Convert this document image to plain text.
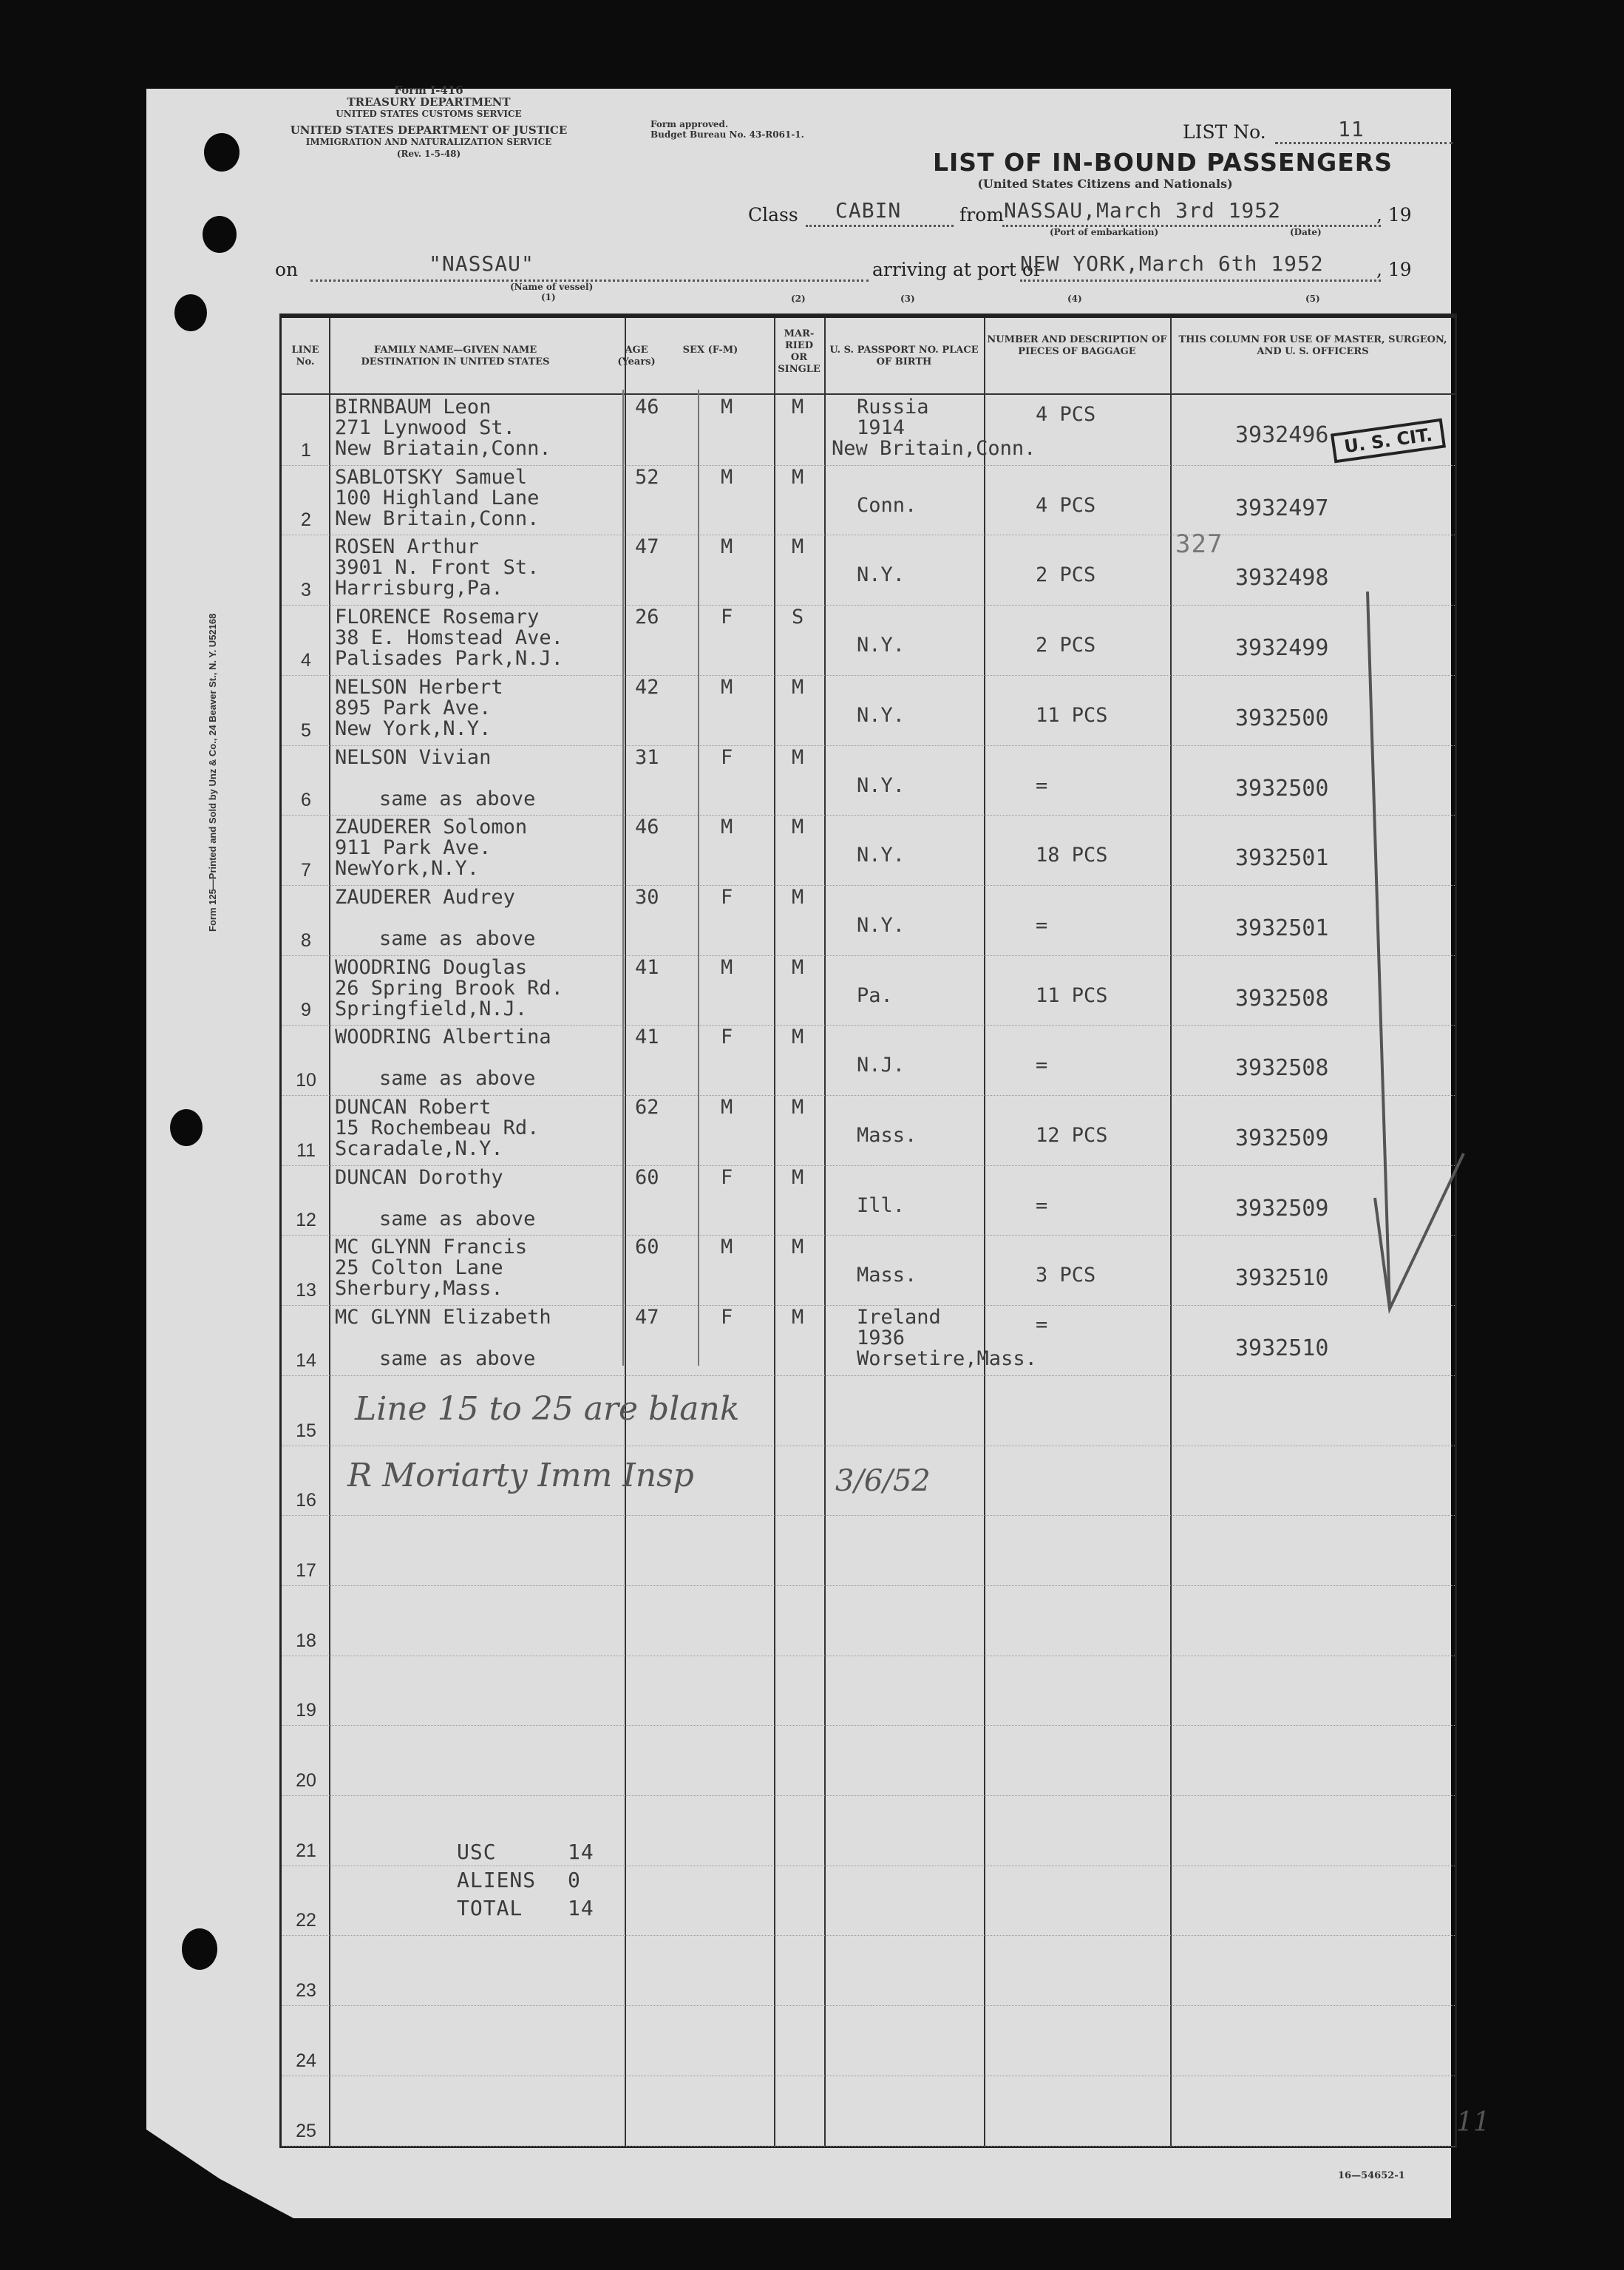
Form 125—Printed and Sold by Unz & Co., 24 Beaver St., N. Y. U52168
Form I-416
TREASURY DEPARTMENT
UNITED STATES CUSTOMS SERVICE
UNITED STATES DEPARTMENT OF JUSTICE
IMMIGRATION AND NATURALIZATION SERVICE
(Rev. 1-5-48)
Form approved.
Budget Bureau No. 43-R061-1.	LIST No.	11
LIST OF IN-BOUND PASSENGERS
(United States Citizens and Nationals)
Class CABIN	from NASSAU,March 3rd 1952	, 19
(Port of embarkation)	(Date)
on	"NASSAU"
(Name of vessel)
(1)
arriving at port of
NEW YORK,March 6th 1952	, 19
(2)	(3)	(4)	(5)
LINE No.
FAMILY NAME—GIVEN NAME DESTINATION IN UNITED STATES
AGE (Years)
SEX (F-M)
MAR-RIED OR SINGLE
U. S. PASSPORT NO. PLACE OF BIRTH
NUMBER AND DESCRIPTION OF PIECES OF BAGGAGE
THIS COLUMN FOR USE OF MASTER, SURGEON, AND U. S. OFFICERS
1
BIRNBAUM Leon
271 Lynwood St.
New Briatain,Conn.
46	M	M	Russia
1914
New Britain,Conn.
4 PCS
3932496
2
SABLOTSKY Samuel
100 Highland Lane
New Britain,Conn.
52	M	M
Conn.	4 PCS	3932497
3
ROSEN Arthur
3901 N. Front St.
Harrisburg,Pa.
47	M	M
N.Y.	2 PCS	3932498
4
FLORENCE Rosemary
38 E. Homstead Ave.
Palisades Park,N.J.
26	F	S
N.Y.	2 PCS	3932499
5
NELSON Herbert
895 Park Ave.
New York,N.Y.
42	M	M
N.Y.	11 PCS	3932500
6
NELSON Vivian
same as above
31	F	M
N.Y.	=	3932500
7
ZAUDERER Solomon
911 Park Ave.
NewYork,N.Y.
46	M	M
N.Y.	18 PCS	3932501
8
ZAUDERER Audrey
same as above
30	F	M
N.Y.	=	3932501
9
WOODRING Douglas
26 Spring Brook Rd.
Springfield,N.J.
41	M	M
Pa.	11 PCS	3932508
10
WOODRING Albertina
same as above
41	F	M
N.J.	=	3932508
11
DUNCAN Robert
15 Rochembeau Rd.
Scaradale,N.Y.
62	M	M
Mass.	12 PCS	3932509
12
DUNCAN Dorothy
same as above
60	F	M
Ill.	=	3932509
13
MC GLYNN Francis
25 Colton Lane
Sherbury,Mass.
60	M	M
Mass.	3 PCS	3932510
14
MC GLYNN Elizabeth
same as above
47	F	M	Ireland
1936
Worsetire,Mass.
=
3932510
15
16
17
18
19
20
21
22
23
24
25
U. S. CIT.
327
Line 15 to 25 are blank
R Moriarty Imm Insp	3/6/52
11
USC	14
ALIENS 0
TOTAL 14
16—54652-1
